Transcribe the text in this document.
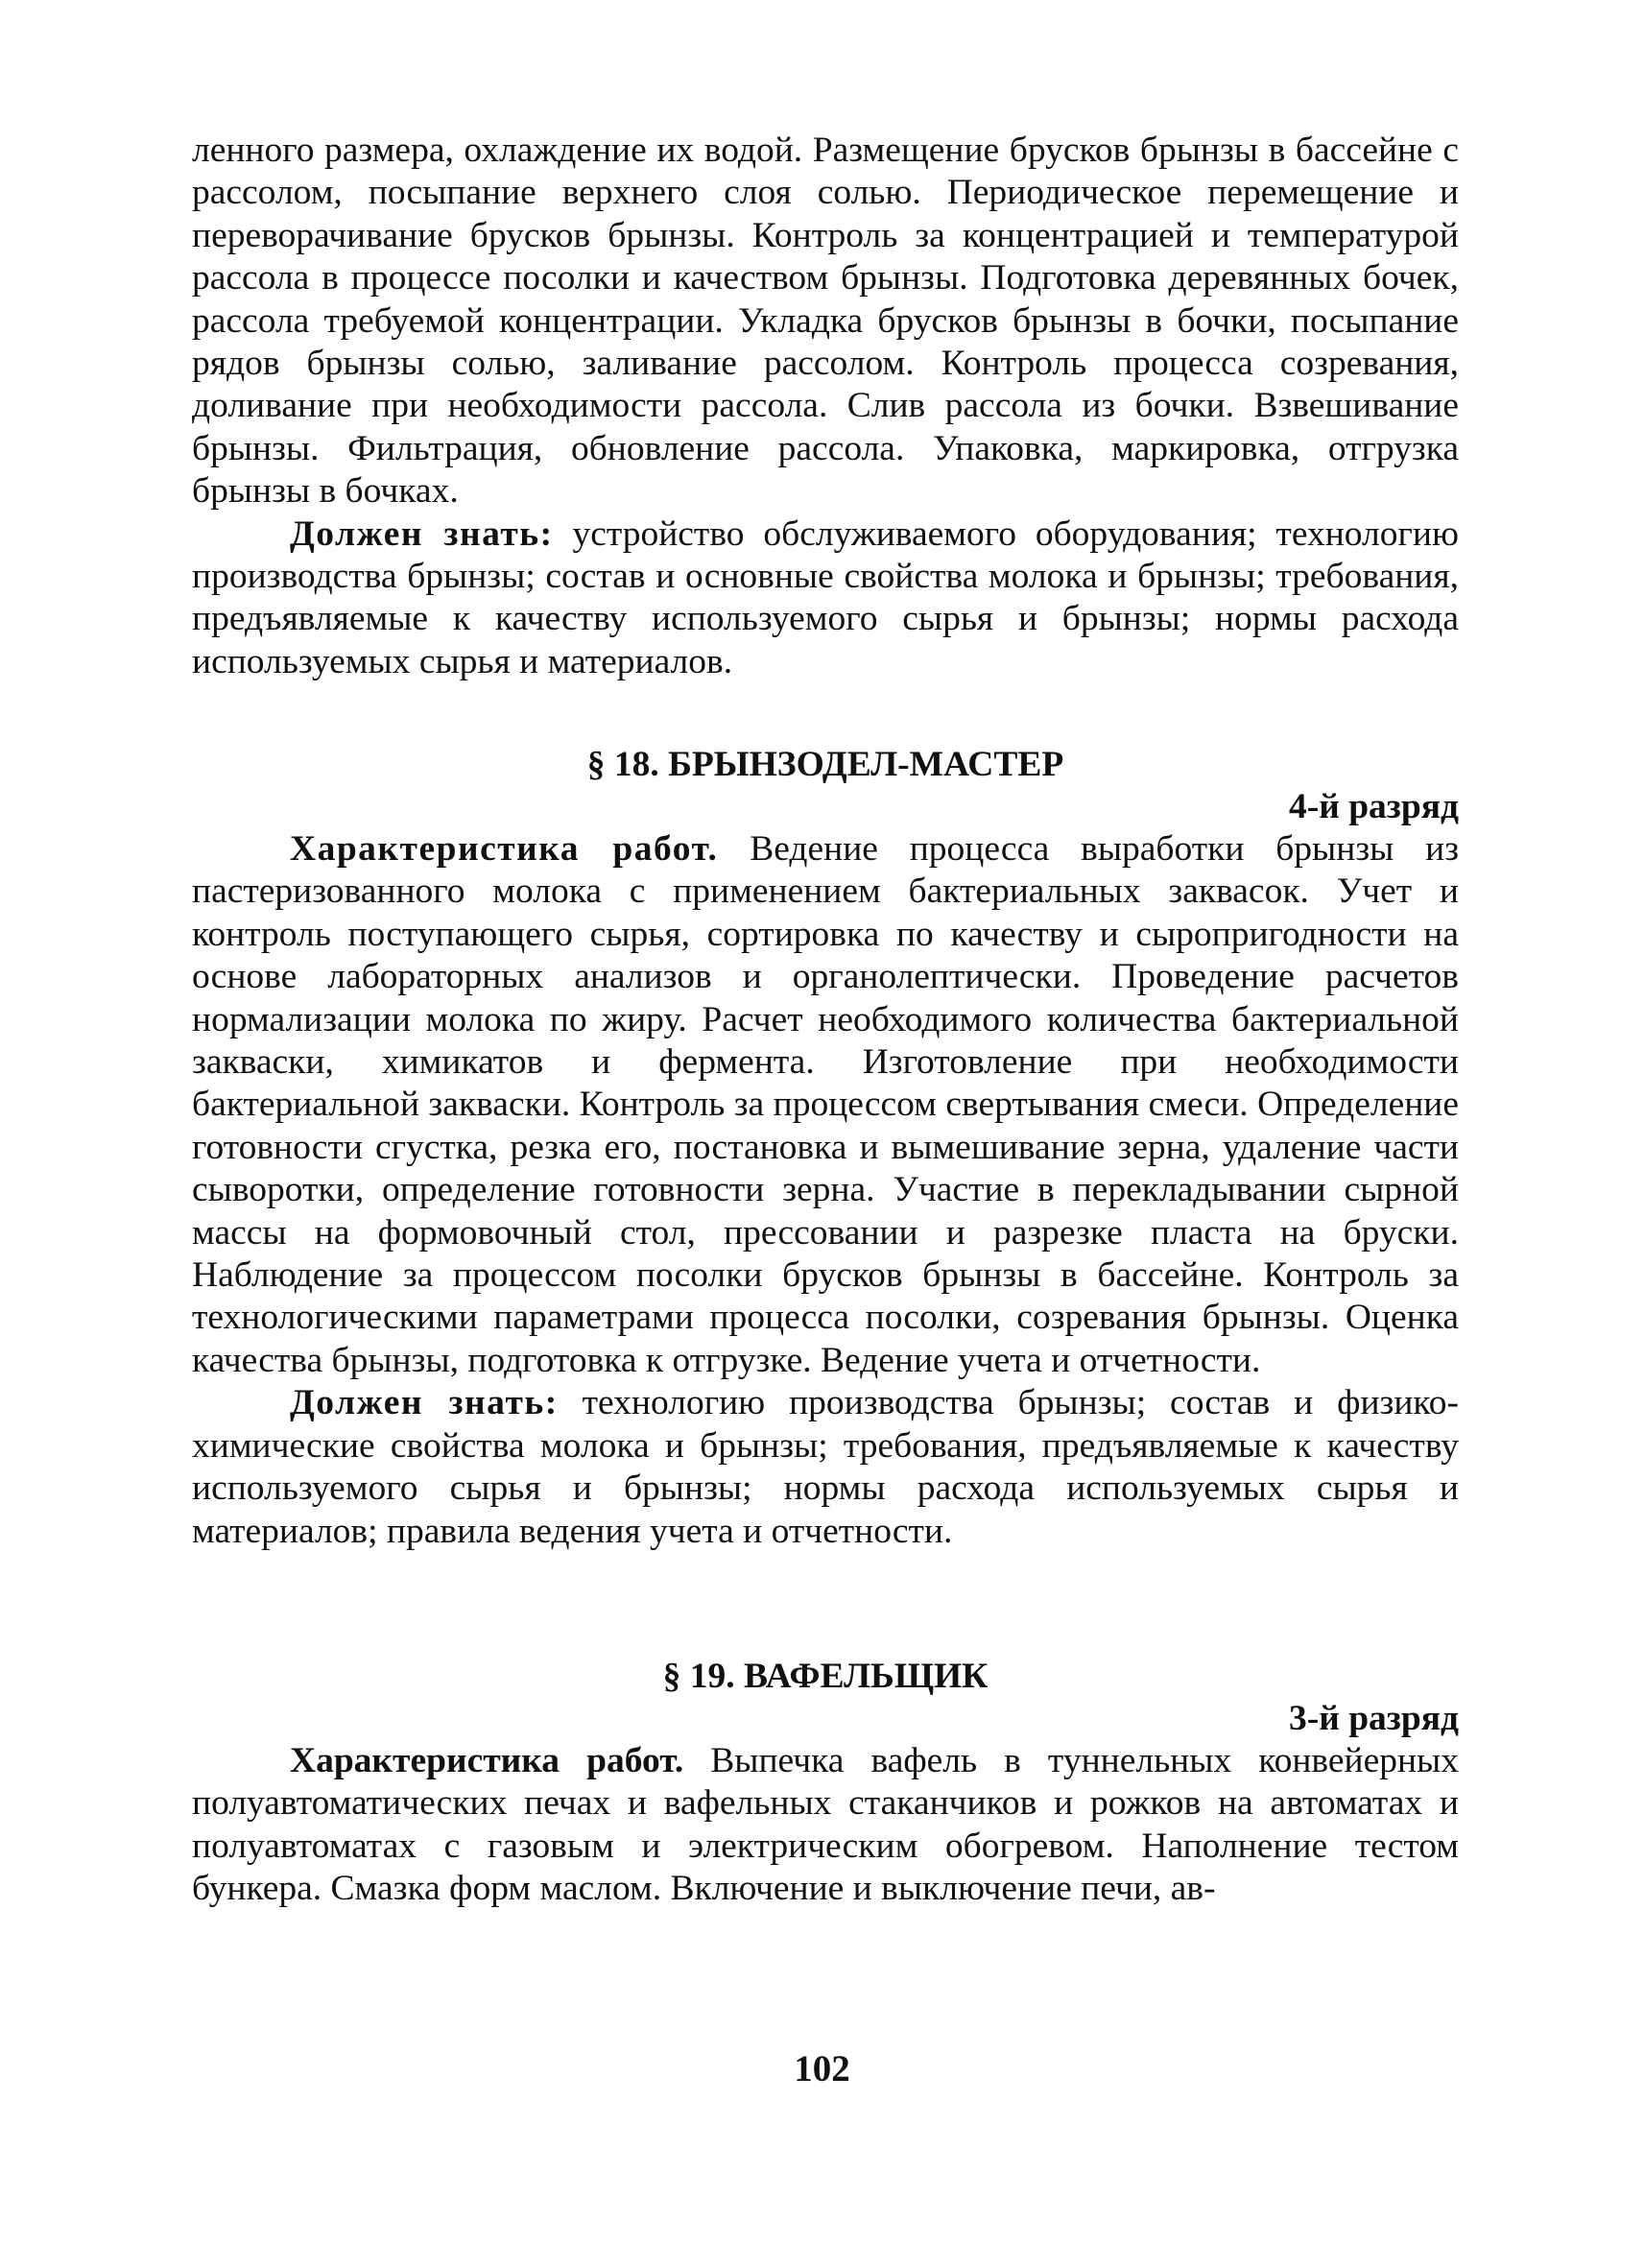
ленного размера, охлаждение их водой. Размещение брусков брынзы в бассейне с рассолом, посыпание верхнего слоя солью. Периодическое перемещение и переворачивание брусков брынзы. Контроль за концентрацией и температурой рассола в процессе посолки и качеством брынзы. Подготовка деревянных бочек, рассола требуемой концентрации. Укладка брусков брынзы в бочки, посыпание рядов брынзы солью, заливание рассолом. Контроль процесса созревания, доливание при необходимости рассола. Слив рассола из бочки. Взвешивание брынзы. Фильтрация, обновление рассола. Упаковка, маркировка, отгрузка брынзы в бочках.

Должен знать: устройство обслуживаемого оборудования; технологию производства брынзы; состав и основные свойства молока и брынзы; требования, предъявляемые к качеству используемого сырья и брынзы; нормы расхода используемых сырья и материалов.

§ 18. БРЫНЗОДЕЛ-МАСТЕР
4-й разряд

Характеристика работ. Ведение процесса выработки брынзы из пастеризованного молока с применением бактериальных заквасок. Учет и контроль поступающего сырья, сортировка по качеству и сыропригодности на основе лабораторных анализов и органолептически. Проведение расчетов нормализации молока по жиру. Расчет необходимого количества бактериальной закваски, химикатов и фермента. Изготовление при необходимости бактериальной закваски. Контроль за процессом свертывания смеси. Определение готовности сгустка, резка его, постановка и вымешивание зерна, удаление части сыворотки, определение готовности зерна. Участие в перекладывании сырной массы на формовочный стол, прессовании и разрезке пласта на бруски. Наблюдение за процессом посолки брусков брынзы в бассейне. Контроль за технологическими параметрами процесса посолки, созревания брынзы. Оценка качества брынзы, подготовка к отгрузке. Ведение учета и отчетности.

Должен знать: технологию производства брынзы; состав и физико-химические свойства молока и брынзы; требования, предъявляемые к качеству используемого сырья и брынзы; нормы расхода используемых сырья и материалов; правила ведения учета и отчетности.

§ 19. ВАФЕЛЬЩИК
3-й разряд

Характеристика работ. Выпечка вафель в туннельных конвейерных полуавтоматических печах и вафельных стаканчиков и рожков на автоматах и полуавтоматах с газовым и электрическим обогревом. Наполнение тестом бункера. Смазка форм маслом. Включение и выключение печи, ав-

102
